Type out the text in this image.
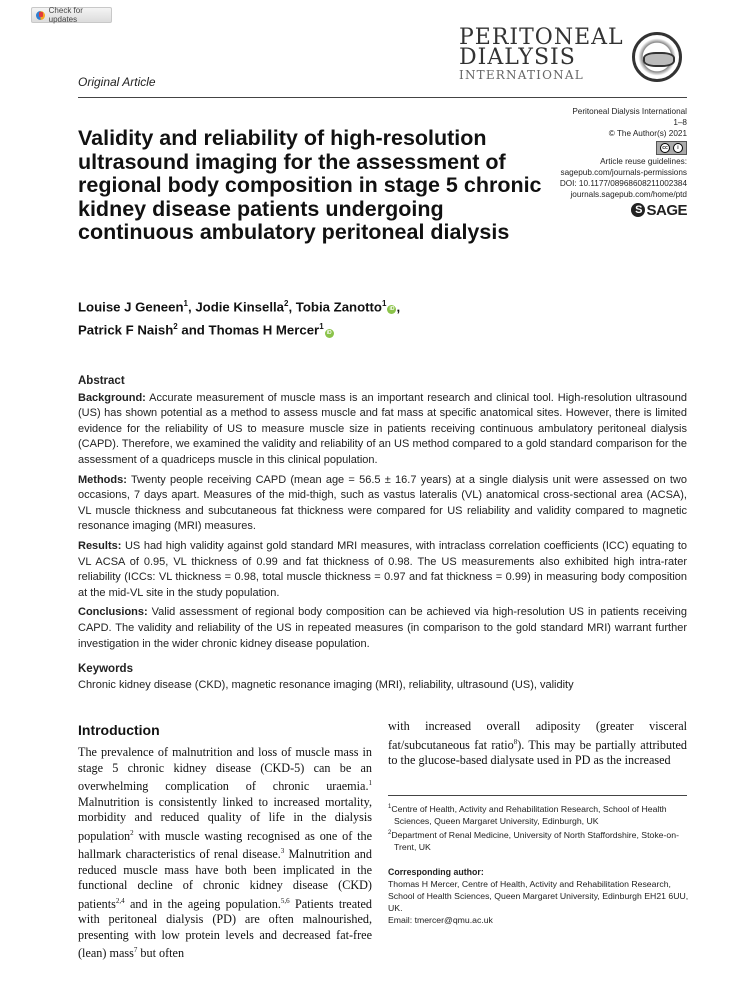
Check for updates
PERITONEAL
DIALYSIS
INTERNATIONAL
Original Article
Peritoneal Dialysis International
1–8
© The Author(s) 2021
cc	i
Article reuse guidelines:
sagepub.com/journals-permissions
DOI: 10.1177/08968608211002384
journals.sagepub.com/home/ptd
S SAGE
Validity and reliability of high-resolution ultrasound imaging for the assessment of regional body composition in stage 5 chronic kidney disease patients undergoing continuous ambulatory peritoneal dialysis
Louise J Geneen$^1$, Jodie Kinsella$^2$, Tobia Zanotto$^1$iD ,
Patrick F Naish$^2$ and Thomas H Mercer$^1$iD
Abstract

Background: Accurate measurement of muscle mass is an important research and clinical tool. High-resolution ultrasound (US) has shown potential as a method to assess muscle and fat mass at specific anatomical sites. However, there is limited evidence for the reliability of US to measure muscle size in patients receiving continuous ambulatory peritoneal dialysis (CAPD). Therefore, we examined the validity and reliability of an US method compared to a gold standard comparison for the assessment of a quadriceps muscle in this clinical population.

Methods: Twenty people receiving CAPD (mean age = 56.5 ± 16.7 years) at a single dialysis unit were assessed on two occasions, 7 days apart. Measures of the mid-thigh, such as vastus lateralis (VL) anatomical cross-sectional area (ACSA), VL muscle thickness and subcutaneous fat thickness were compared for US reliability and validity compared to magnetic resonance imaging (MRI) measures.

Results: US had high validity against gold standard MRI measures, with intraclass correlation coefficients (ICC) equating to VL ACSA of 0.95, VL thickness of 0.99 and fat thickness of 0.98. The US measurements also exhibited high intra-rater reliability (ICCs: VL thickness = 0.98, total muscle thickness = 0.97 and fat thickness = 0.99) in measuring body composition at the mid-VL site in the study population.

Conclusions: Valid assessment of regional body composition can be achieved via high-resolution US in patients receiving CAPD. The validity and reliability of the US in repeated measures (in comparison to the gold standard MRI) warrant further investigation in the wider chronic kidney disease population.

Keywords
Chronic kidney disease (CKD), magnetic resonance imaging (MRI), reliability, ultrasound (US), validity
Introduction
The prevalence of malnutrition and loss of muscle mass in stage 5 chronic kidney disease (CKD-5) can be an overwhelming complication of chronic uraemia.$^1$ Malnutrition is consistently linked to increased mortality, morbidity and reduced quality of life in the dialysis population$^2$ with muscle wasting recognised as one of the hallmark characteristics of renal disease.$^3$ Malnutrition and reduced muscle mass have both been implicated in the functional decline of chronic kidney disease (CKD) patients$^{2,4}$ and in the ageing population.$^{5,6}$ Patients treated with peritoneal dialysis (PD) are often malnourished, presenting with low protein levels and decreased fat-free (lean) mass$^7$ but often
with increased overall adiposity (greater visceral fat/subcutaneous fat ratio$^8$). This may be partially attributed to the glucose-based dialysate used in PD as the increased
$^1$Centre of Health, Activity and Rehabilitation Research, School of Health Sciences, Queen Margaret University, Edinburgh, UK
$^2$Department of Renal Medicine, University of North Staffordshire, Stoke-on-Trent, UK
Corresponding author:
Thomas H Mercer, Centre of Health, Activity and Rehabilitation Research, School of Health Sciences, Queen Margaret University, Edinburgh EH21 6UU, UK.
Email: tmercer@qmu.ac.uk
